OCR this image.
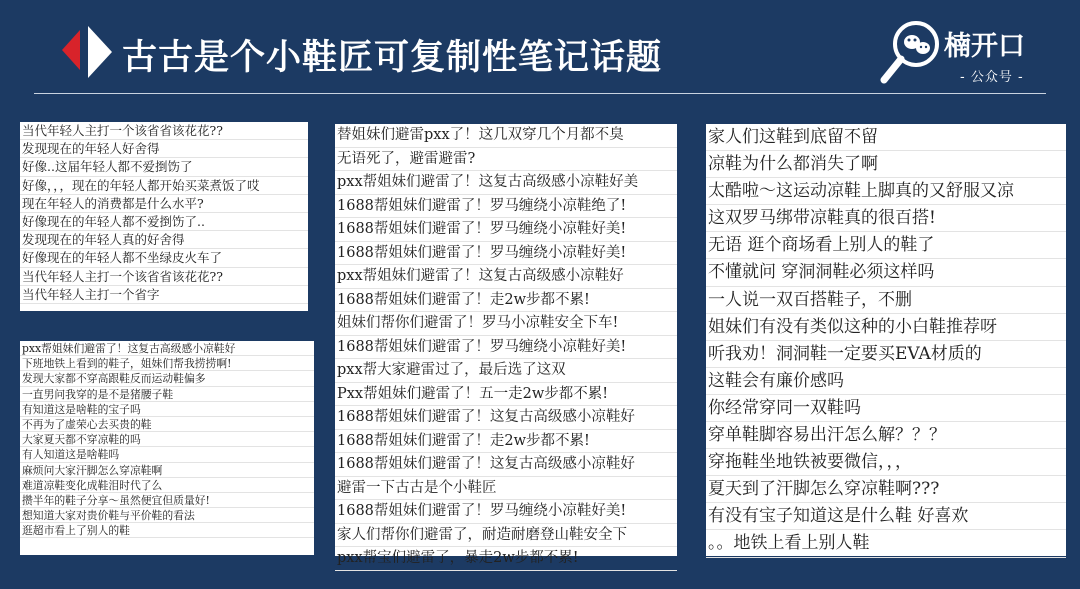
古古是个小鞋匠可复制性笔记话题	楠开口
- 公众号 -
当代年轻人主打一个该省省该花花??
发现现在的年轻人好舍得
好像..这届年轻人都不爱捯饬了
好像，，，现在的年轻人都开始买菜煮饭了哎
现在年轻人的消费都是什么水平?
好像现在的年轻人都不爱捯饬了..
发现现在的年轻人真的好舍得
好像现在的年轻人都不坐绿皮火车了
当代年轻人主打一个该省省该花花??
当代年轻人主打一个省字
pxx帮姐妹们避雷了！这复古高级感小凉鞋好
下班地铁上看到的鞋子，姐妹们帮我捞捞啊!
发现大家都不穿高跟鞋反而运动鞋偏多
一直男问我穿的是不是猪腰子鞋
有知道这是啥鞋的宝子吗
不再为了虚荣心去买贵的鞋
大家夏天都不穿凉鞋的吗
有人知道这是啥鞋吗
麻烦问大家汗脚怎么穿凉鞋啊
难道凉鞋变化成鞋泪时代了么
攒半年的鞋子分享～虽然便宜但质量好!
想知道大家对贵价鞋与平价鞋的看法
逛超市看上了别人的鞋
替姐妹们避雷pxx了！这几双穿几个月都不臭
无语死了，避雷避雷?
pxx帮姐妹们避雷了！这复古高级感小凉鞋好美
1688帮姐妹们避雷了！罗马缠绕小凉鞋绝了!
1688帮姐妹们避雷了！罗马缠绕小凉鞋好美!
1688帮姐妹们避雷了！罗马缠绕小凉鞋好美!
pxx帮姐妹们避雷了！这复古高级感小凉鞋好
1688帮姐妹们避雷了！走2w步都不累!
姐妹们帮你们避雷了！罗马小凉鞋安全下车!
1688帮姐妹们避雷了！罗马缠绕小凉鞋好美!
pxx帮大家避雷过了，最后选了这双
Pxx帮姐妹们避雷了！五一走2w步都不累!
1688帮姐妹们避雷了！这复古高级感小凉鞋好
1688帮姐妹们避雷了！走2w步都不累!
1688帮姐妹们避雷了！这复古高级感小凉鞋好
避雷一下古古是个小鞋匠
1688帮姐妹们避雷了！罗马缠绕小凉鞋好美!
家人们帮你们避雷了，耐造耐磨登山鞋安全下
pxx帮宝们避雷了，暴走2w步都不累!
家人们这鞋到底留不留
凉鞋为什么都消失了啊
太酷啦～这运动凉鞋上脚真的又舒服又凉
这双罗马绑带凉鞋真的很百搭!
无语 逛个商场看上别人的鞋了
不懂就问 穿洞洞鞋必须这样吗
一人说一双百搭鞋子，不删
姐妹们有没有类似这种的小白鞋推荐呀
听我劝！洞洞鞋一定要买EVA材质的
这鞋会有廉价感吗
你经常穿同一双鞋吗
穿单鞋脚容易出汗怎么解？？？
穿拖鞋坐地铁被要微信，，，
夏天到了汗脚怎么穿凉鞋啊???
有没有宝子知道这是什么鞋 好喜欢
。。地铁上看上别人鞋
